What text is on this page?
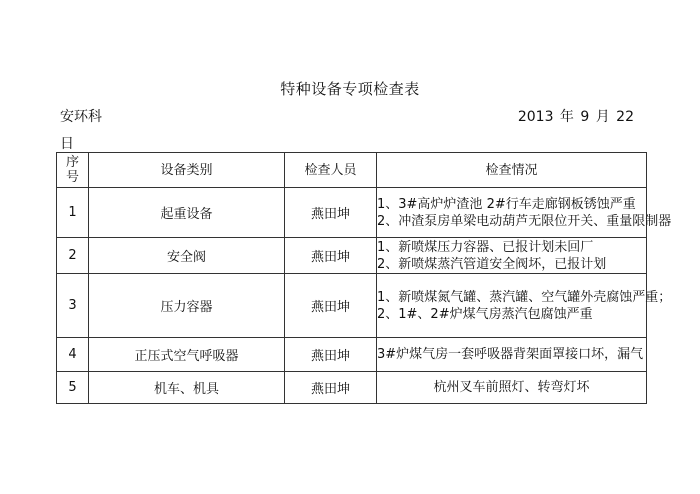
特种设备专项检查表
安环科	2013 年 9 月 22
日
序
号	设备类别	检查人员	检查情况
1	起重设备	燕田坤	1、3#高炉炉渣池 2#行车走廊钢板锈蚀严重
2、冲渣泵房单梁电动葫芦无限位开关、重量限制器

2	安全阀	燕田坤	1、新喷煤压力容器、已报计划未回厂
2、新喷煤蒸汽管道安全阀坏，已报计划

3	压力容器	燕田坤	1、新喷煤氮气罐、蒸汽罐、空气罐外壳腐蚀严重；
2、1#、2#炉煤气房蒸汽包腐蚀严重

4	正压式空气呼吸器	燕田坤	3#炉煤气房一套呼吸器背架面罩接口坏，漏气

5	机车、机具	燕田坤	杭州叉车前照灯、转弯灯坏
